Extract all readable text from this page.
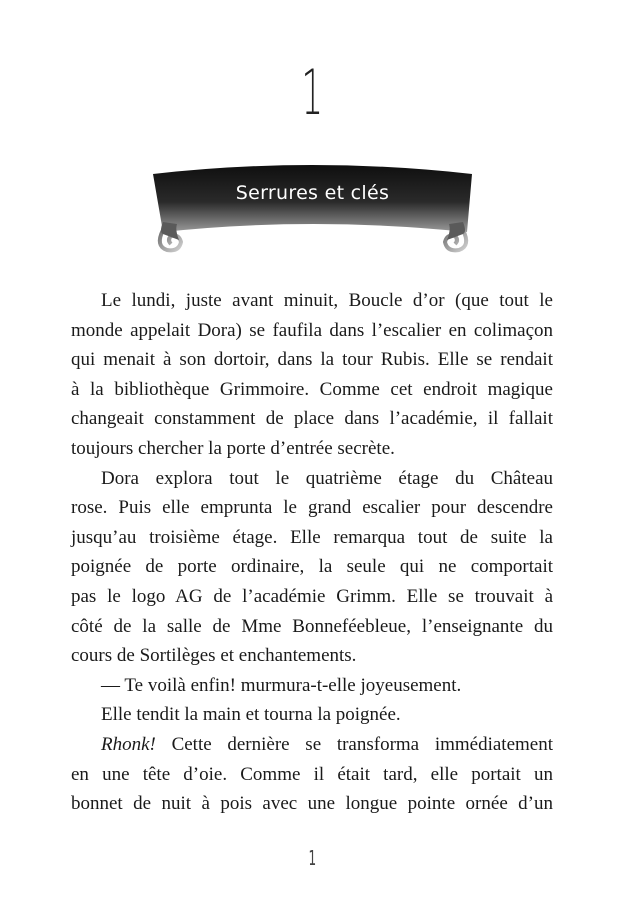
1
Serrures et clés

Le lundi, juste avant minuit, Boucle d’or (que tout le

monde appelait Dora) se faufila dans l’escalier en colimaçon
qui menait à son dortoir, dans la tour Rubis. Elle se rendait
à la bibliothèque Grimmoire. Comme cet endroit magique
changeait constamment de place dans l’académie, il fallait
toujours chercher la porte d’entrée secrète.
Dora explora tout le quatrième étage du Château
rose. Puis elle emprunta le grand escalier pour descendre
jusqu’au troisième étage. Elle remarqua tout de suite la
poignée de porte ordinaire, la seule qui ne comportait
pas le logo AG de l’académie Grimm. Elle se trouvait à
côté de la salle de Mme Bonneféebleue, l’enseignante du
cours de Sortilèges et enchantements.
— Te voilà enfin! murmura-t-elle joyeusement.
Elle tendit la main et tourna la poignée.
Rhonk! Cette dernière se transforma immédiatement
en une tête d’oie. Comme il était tard, elle portait un
bonnet de nuit à pois avec une longue pointe ornée d’un
1
